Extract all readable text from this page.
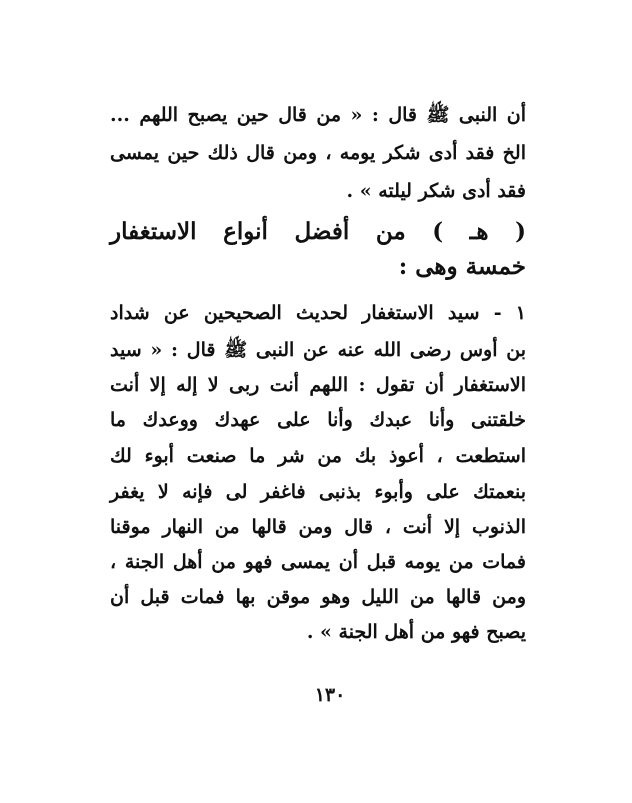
أن النبى ﷺ قال : « من قال حين يصبح اللهم ...
الخ فقد أدى شكر يومه ، ومن قال ذلك حين يمسى
فقد أدى شكر ليلته » .
( هـ ) من أفضل أنواع الاستغفار
خمسة وهى :
١ - سيد الاستغفار لحديث الصحيحين عن شداد
بن أوس رضى الله عنه عن النبى ﷺ قال : « سيد
الاستغفار أن تقول : اللهم أنت ربى لا إله إلا أنت
خلقتنى وأنا عبدك وأنا على عهدك ووعدك ما
استطعت ، أعوذ بك من شر ما صنعت أبوء لك
بنعمتك على وأبوء بذنبى فاغفر لى فإنه لا يغفر
الذنوب إلا أنت ، قال ومن قالها من النهار موقنا
فمات من يومه قبل أن يمسى فهو من أهل الجنة ،
ومن قالها من الليل وهو موقن بها فمات قبل أن
يصبح فهو من أهل الجنة » .
١٣٠
